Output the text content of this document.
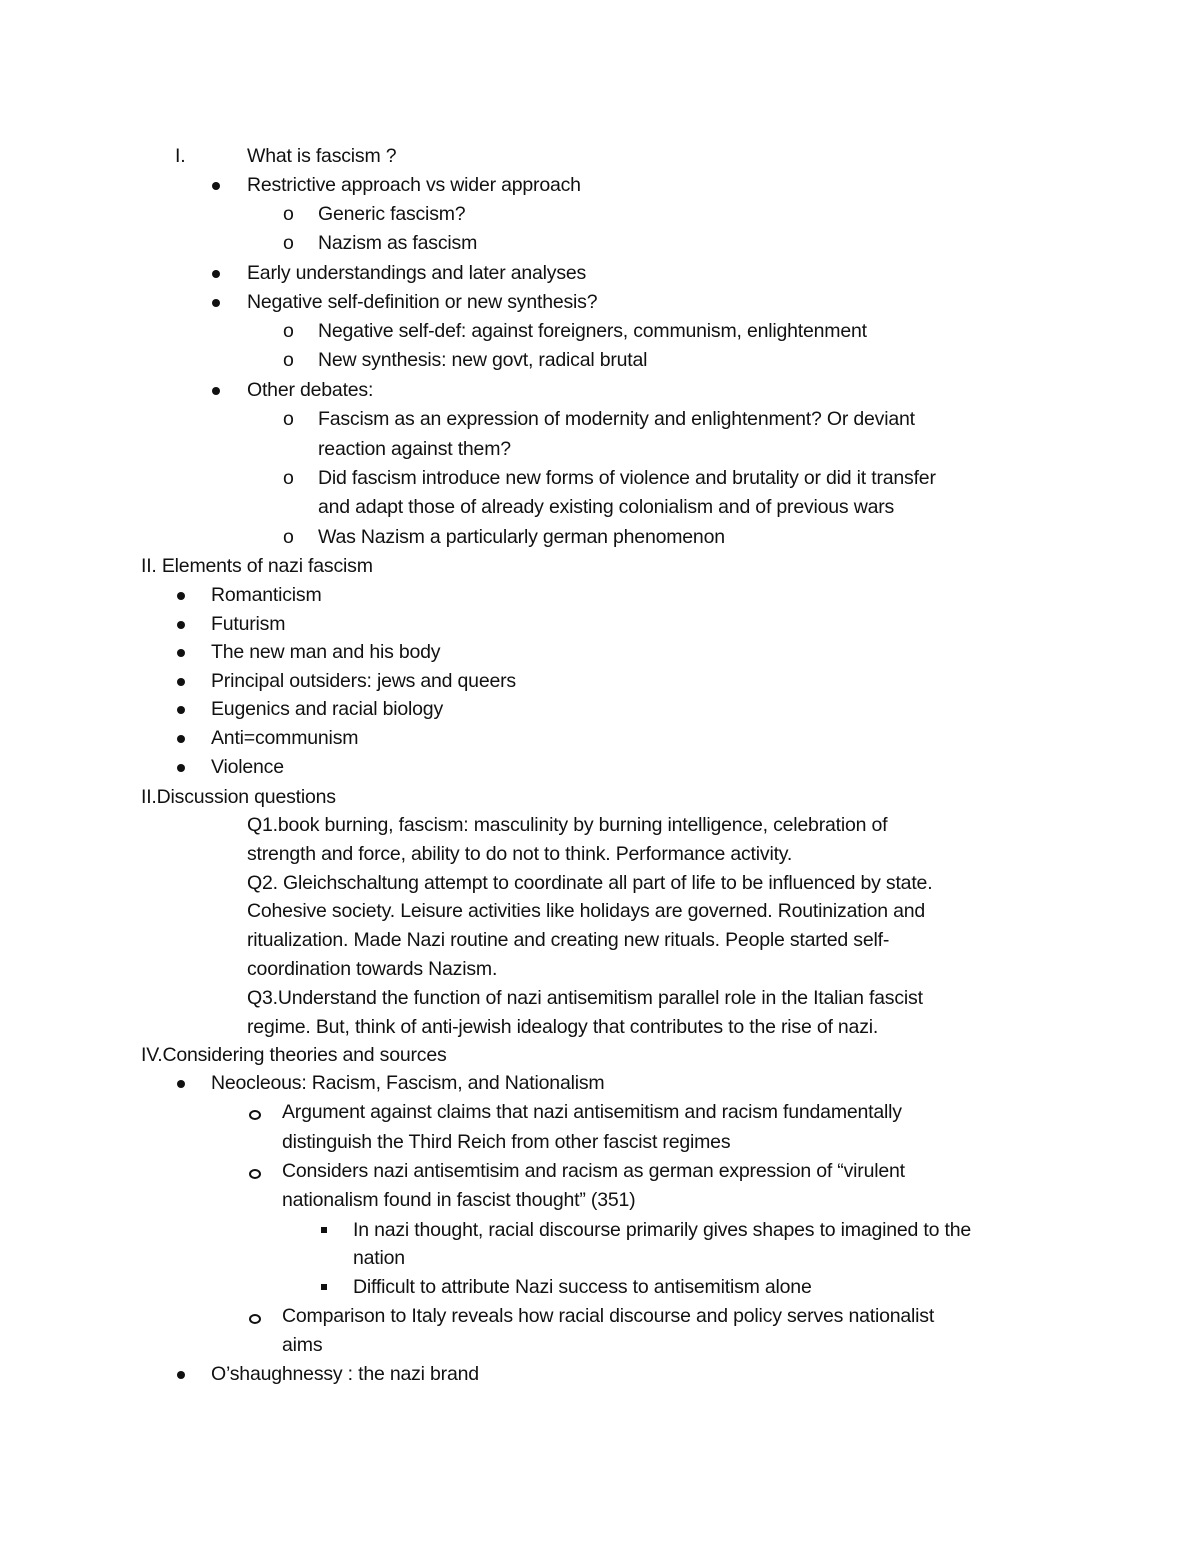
I.	What is fascism ?
Restrictive approach vs wider approach
o Generic fascism?
o Nazism as fascism
Early understandings and later analyses
Negative self-definition or new synthesis?
o Negative self-def: against foreigners, communism, enlightenment
o New synthesis: new govt, radical brutal
Other debates:
o Fascism as an expression of modernity and enlightenment? Or deviant
reaction against them?
o Did fascism introduce new forms of violence and brutality or did it transfer
and adapt those of already existing colonialism and of previous wars
o Was Nazism a particularly german phenomenon
II. Elements of nazi fascism
Romanticism
Futurism
The new man and his body
Principal outsiders: jews and queers
Eugenics and racial biology
Anti=communism
Violence
II.Discussion questions
Q1.book burning, fascism: masculinity by burning intelligence, celebration of
strength and force, ability to do not to think. Performance activity.
Q2. Gleichschaltung attempt to coordinate all part of life to be influenced by state.
Cohesive society. Leisure activities like holidays are governed. Routinization and
ritualization. Made Nazi routine and creating new rituals. People started self-
coordination towards Nazism.
Q3.Understand the function of nazi antisemitism parallel role in the Italian fascist
regime. But, think of anti-jewish idealogy that contributes to the rise of nazi.
IV.Considering theories and sources
Neocleous: Racism, Fascism, and Nationalism
Argument against claims that nazi antisemitism and racism fundamentally
distinguish the Third Reich from other fascist regimes
Considers nazi antisemtisim and racism as german expression of “virulent
nationalism found in fascist thought” (351)
In nazi thought, racial discourse primarily gives shapes to imagined to the
nation
Difficult to attribute Nazi success to antisemitism alone
Comparison to Italy reveals how racial discourse and policy serves nationalist
aims
O’shaughnessy : the nazi brand
